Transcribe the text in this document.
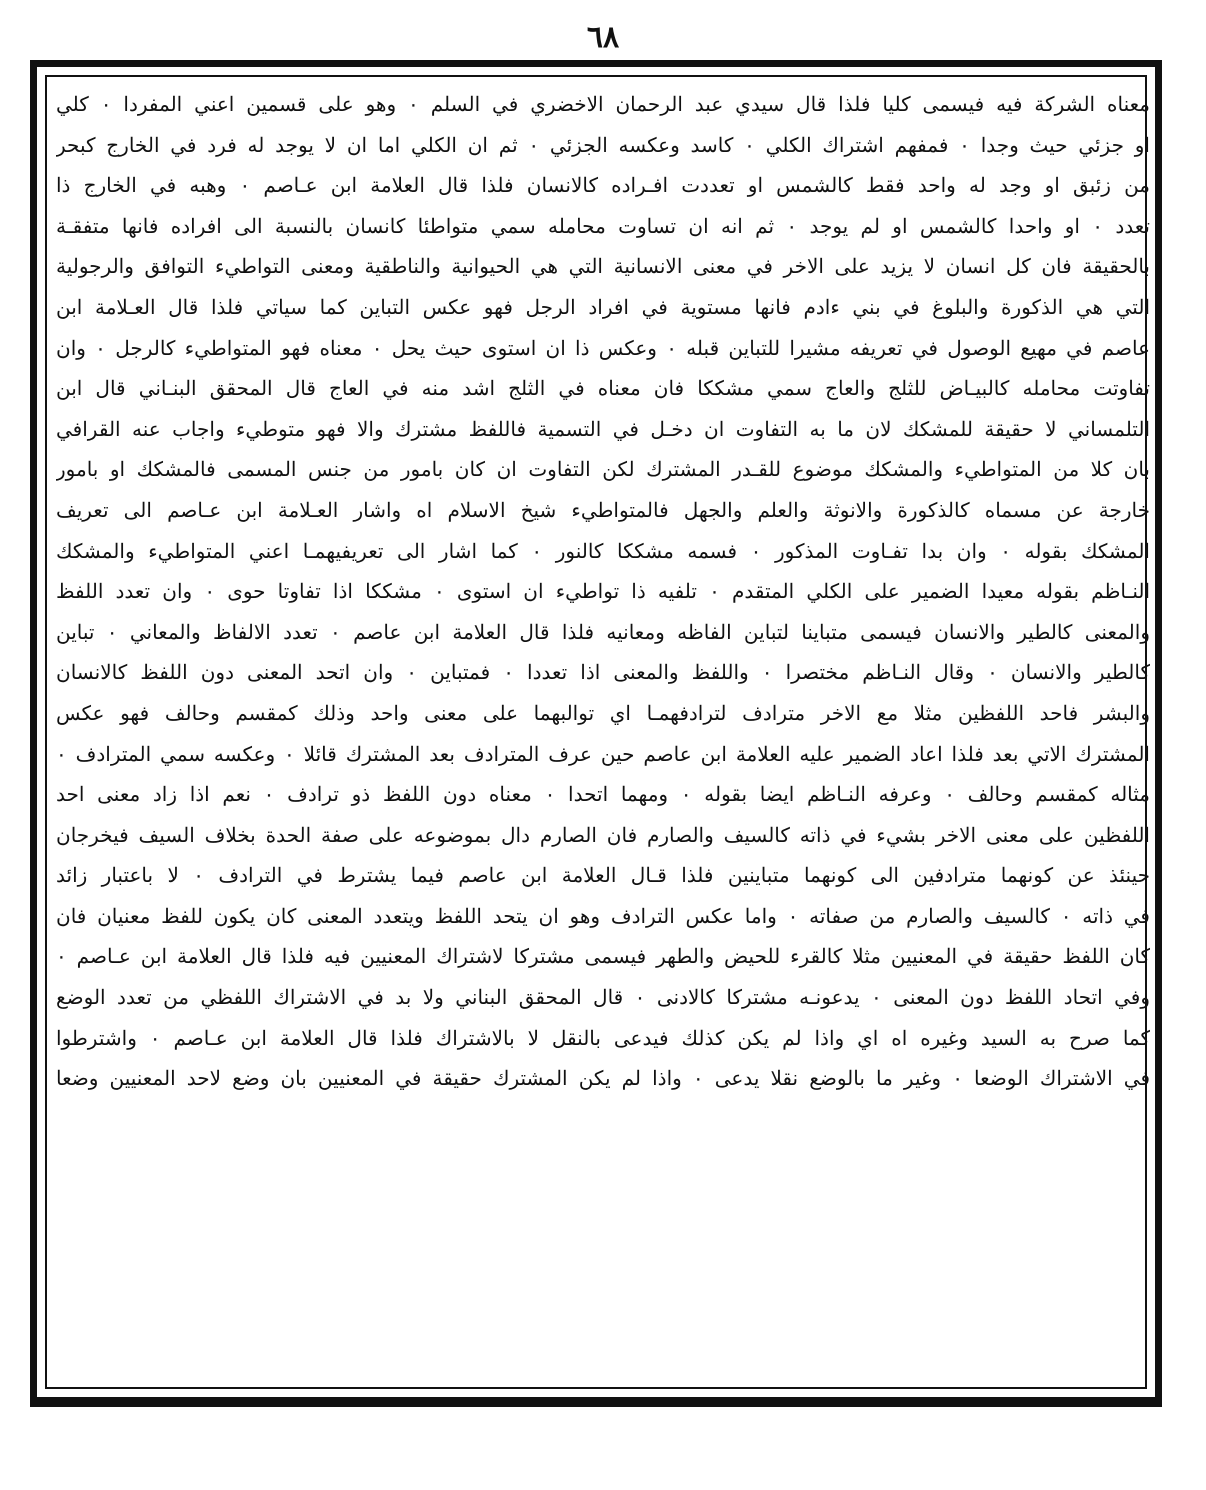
٦٨
معناه الشركة فيه فيسمى كليا فلذا قال سيدي عبد الرحمان الاخضري في السلم ٠ وهو على قسمين اعني المفردا ٠ كلي
او جزئي حيث وجدا ٠ فمفهم اشتراك الكلي ٠ كاسد وعكسه الجزئي ٠ ثم ان الكلي اما ان لا يوجد له فرد في الخارج كبحر
من زئبق او وجد له واحد فقط كالشمس او تعددت افـراده كالانسان فلذا قال العلامة ابن عـاصم ٠ وهبه في الخارج ذا
تعدد ٠ او واحدا كالشمس او لم يوجد ٠ ثم انه ان تساوت محامله سمي متواطئا كانسان بالنسبة الى افراده فانها متفقـة
بالحقيقة فان كل انسان لا يزيد على الاخر في معنى الانسانية التي هي الحيوانية والناطقية ومعنى التواطيء التوافق والرجولية
التي هي الذكورة والبلوغ في بني ءادم فانها مستوية في افراد الرجل فهو عكس التباين كما سياتي فلذا قال العـلامة ابن
عاصم في مهيع الوصول في تعريفه مشيرا للتباين قبله ٠ وعكس ذا ان استوى حيث يحل ٠ معناه فهو المتواطيء كالرجل ٠ وان
تفاوتت محامله كالبيـاض للثلج والعاج سمي مشككا فان معناه في الثلج اشد منه في العاج قال المحقق البنـاني قال ابن
التلمساني لا حقيقة للمشكك لان ما به التفاوت ان دخـل في التسمية فاللفظ مشترك والا فهو متوطيء واجاب عنه القرافي
بان كلا من المتواطيء والمشكك موضوع للقـدر المشترك لكن التفاوت ان كان بامور من جنس المسمى فالمشكك او بامور
خارجة عن مسماه كالذكورة والانوثة والعلم والجهل فالمتواطيء شيخ الاسلام اه واشار العـلامة ابن عـاصم الى تعريف
المشكك بقوله ٠ وان بدا تفـاوت المذكور ٠ فسمه مشككا كالنور ٠ كما اشار الى تعريفيهمـا اعني المتواطيء والمشكك
النـاظم بقوله معيدا الضمير على الكلي المتقدم ٠ تلفيه ذا تواطيء ان استوى ٠ مشككا اذا تفاوتا حوى ٠ وان تعدد اللفظ
والمعنى كالطير والانسان فيسمى متباينا لتباين الفاظه ومعانيه فلذا قال العلامة ابن عاصم ٠ تعدد الالفاظ والمعاني ٠ تباين
كالطير والانسان ٠ وقال النـاظم مختصرا ٠ واللفظ والمعنى اذا تعددا ٠ فمتباين ٠ وان اتحد المعنى دون اللفظ كالانسان
والبشر فاحد اللفظين مثلا مع الاخر مترادف لترادفهمـا اي توالبهما على معنى واحد وذلك كمقسم وحالف فهو عكس
المشترك الاتي بعد فلذا اعاد الضمير عليه العلامة ابن عاصم حين عرف المترادف بعد المشترك قائلا ٠ وعكسه سمي المترادف ٠
مثاله كمقسم وحالف ٠ وعرفه النـاظم ايضا بقوله ٠ ومهما اتحدا ٠ معناه دون اللفظ ذو ترادف ٠ نعم اذا زاد معنى احد
اللفظين على معنى الاخر بشيء في ذاته كالسيف والصارم فان الصارم دال بموضوعه على صفة الحدة بخلاف السيف فيخرجان
حينئذ عن كونهما مترادفين الى كونهما متباينين فلذا قـال العلامة ابن عاصم فيما يشترط في الترادف ٠ لا باعتبار زائد
في ذاته ٠ كالسيف والصارم من صفاته ٠ واما عكس الترادف وهو ان يتحد اللفظ ويتعدد المعنى كان يكون للفظ معنيان فان
كان اللفظ حقيقة في المعنيين مثلا كالقرء للحيض والطهر فيسمى مشتركا لاشتراك المعنيين فيه فلذا قال العلامة ابن عـاصم ٠
وفي اتحاد اللفظ دون المعنى ٠ يدعونـه مشتركا كالادنى ٠ قال المحقق البناني ولا بد في الاشتراك اللفظي من تعدد الوضع
كما صرح به السيد وغيره اه اي واذا لم يكن كذلك فيدعى بالنقل لا بالاشتراك فلذا قال العلامة ابن عـاصم ٠ واشترطوا
في الاشتراك الوضعا ٠ وغير ما بالوضع نقلا يدعى ٠ واذا لم يكن المشترك حقيقة في المعنيين بان وضع لاحد المعنيين وضعا
